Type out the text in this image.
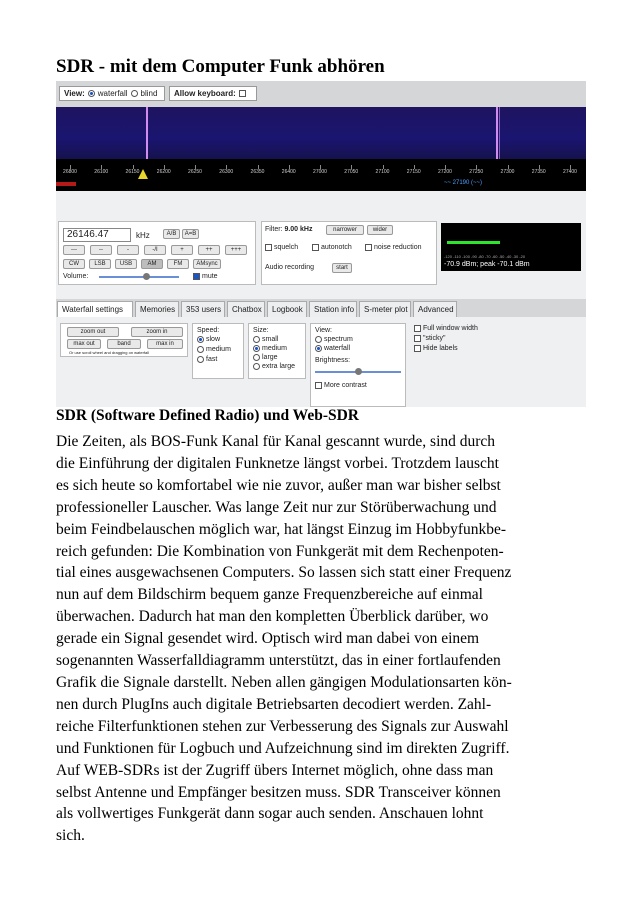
SDR - mit dem Computer Funk abhören
View: waterfall blind Allow keyboard:
26800	26100	26150	26200	26250	26300	26350	26400	27000	27050	27100	27150	27200	27250	27300	27350	27400
~~ 27190 (~~)
26146.47	kHz	A/B	A=B
---	--	-	-/I	+	++	+++
CW	LSB	USB	AM	FM	AMsync
Volume:	mute
Filter: 9.00 kHz	narrower	wider
squelch	autonotch	noise reduction
Audio recording	start
-120 -110 -100 -90 -80 -70 -60 -50 -40 -30 -20
-70.9 dBm; peak -70.1 dBm
Waterfall settings	Memories	353 users	Chatbox	Logbook	Station info	S-meter plot	Advanced
zoom out	zoom in
max out	band	max in
Or use scroll wheel and dragging on waterfall
Speed:
slow
medium
fast
Size:
small
medium
large
extra large
View:
spectrum
waterfall
Brightness:
More contrast
Full window width
"sticky"
Hide labels
SDR (Software Defined Radio) und Web-SDR
Die Zeiten, als BOS-Funk Kanal für Kanal gescannt wurde, sind durch
die Einführung der digitalen Funknetze längst vorbei. Trotzdem lauscht
es sich heute so komfortabel wie nie zuvor, außer man war bisher selbst
professioneller Lauscher. Was lange Zeit nur zur Störüberwachung und
beim Feindbelauschen möglich war, hat längst Einzug im Hobbyfunkbe-
reich gefunden: Die Kombination von Funkgerät mit dem Rechenpoten-
tial eines ausgewachsenen Computers. So lassen sich statt einer Frequenz
nun auf dem Bildschirm bequem ganze Frequenzbereiche auf einmal
überwachen. Dadurch hat man den kompletten Überblick darüber, wo
gerade ein Signal gesendet wird. Optisch wird man dabei von einem
sogenannten Wasserfalldiagramm unterstützt, das in einer fortlaufenden
Grafik die Signale darstellt. Neben allen gängigen Modulationsarten kön-
nen durch PlugIns auch digitale Betriebsarten decodiert werden. Zahl-
reiche Filterfunktionen stehen zur Verbesserung des Signals zur Auswahl
und Funktionen für Logbuch und Aufzeichnung sind im direkten Zugriff.
Auf WEB-SDRs ist der Zugriff übers Internet möglich, ohne dass man
selbst Antenne und Empfänger besitzen muss. SDR Transceiver können
als vollwertiges Funkgerät dann sogar auch senden. Anschauen lohnt
sich.
